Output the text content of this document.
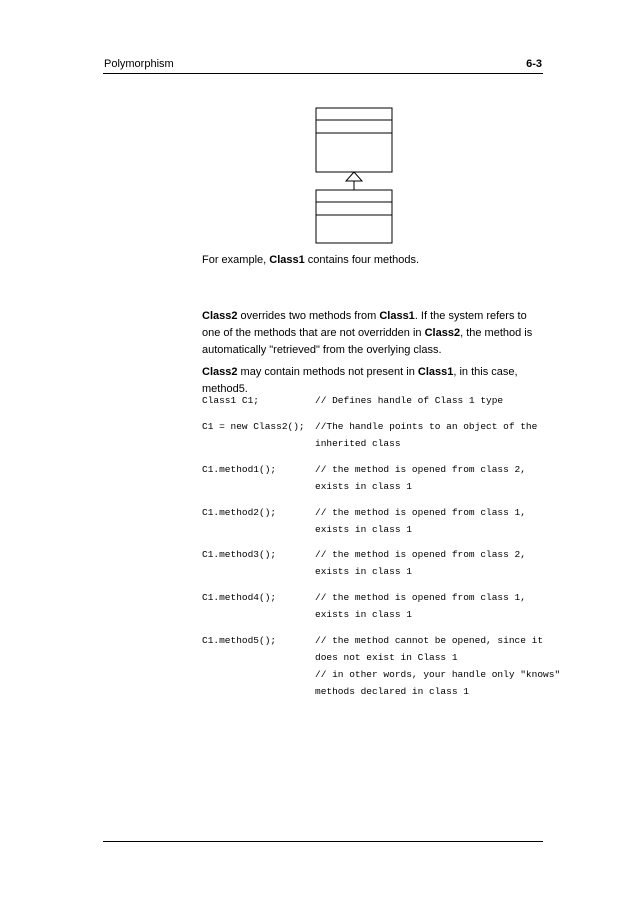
Polymorphism	6-3
For example, Class1 contains four methods.
Class2 overrides two methods from Class1. If the system refers to one of the methods that are not overridden in Class2, the method is automatically "retrieved" from the overlying class.
Class2 may contain methods not present in Class1, in this case, method5.
Class1 C1;	// Defines handle of Class 1 type
C1 = new Class2(); //The handle points to an object of the
inherited class
C1.method1();	// the method is opened from class 2,
exists in class 1
C1.method2();	// the method is opened from class 1,
exists in class 1
C1.method3();	// the method is opened from class 2,
exists in class 1
C1.method4();	// the method is opened from class 1,
exists in class 1
C1.method5();	// the method cannot be opened, since it
does not exist in Class 1
// in other words, your handle only "knows"
methods declared in class 1
